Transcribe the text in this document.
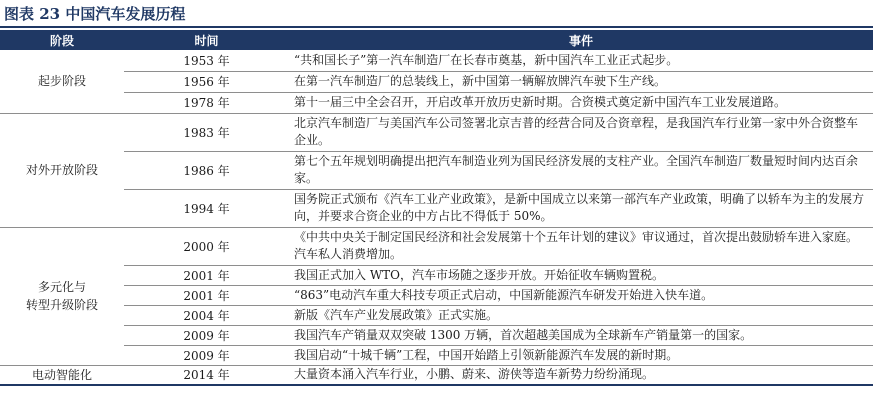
图表 23 中国汽车发展历程
阶段	时间	事件
起步阶段	1953 年	“共和国长子”第一汽车制造厂在长春市奠基，新中国汽车工业正式起步。
	1956 年	在第一汽车制造厂的总装线上，新中国第一辆解放牌汽车驶下生产线。
	1978 年	第十一届三中全会召开，开启改革开放历史新时期。合资模式奠定新中国汽车工业发展道路。
对外开放阶段	1983 年	北京汽车制造厂与美国汽车公司签署北京吉普的经营合同及合资章程，是我国汽车行业第一家中外合资整车企业。
	1986 年	第七个五年规划明确提出把汽车制造业列为国民经济发展的支柱产业。全国汽车制造厂数量短时间内达百余家。
	1994 年	国务院正式颁布《汽车工业产业政策》，是新中国成立以来第一部汽车产业政策，明确了以轿车为主的发展方向，并要求合资企业的中方占比不得低于 50%。
多元化与
转型升级阶段	2000 年	《中共中央关于制定国民经济和社会发展第十个五年计划的建议》审议通过，首次提出鼓励轿车进入家庭。汽车私人消费增加。
	2001 年	我国正式加入 WTO，汽车市场随之逐步开放。开始征收车辆购置税。
	2001 年	“863”电动汽车重大科技专项正式启动，中国新能源汽车研发开始进入快车道。
	2004 年	新版《汽车产业发展政策》正式实施。
	2009 年	我国汽车产销量双双突破 1300 万辆，首次超越美国成为全球新车产销量第一的国家。
	2009 年	我国启动“十城千辆”工程，中国开始踏上引领新能源汽车发展的新时期。
电动智能化	2014 年	大量资本涌入汽车行业，小鹏、蔚来、游侠等造车新势力纷纷涌现。
